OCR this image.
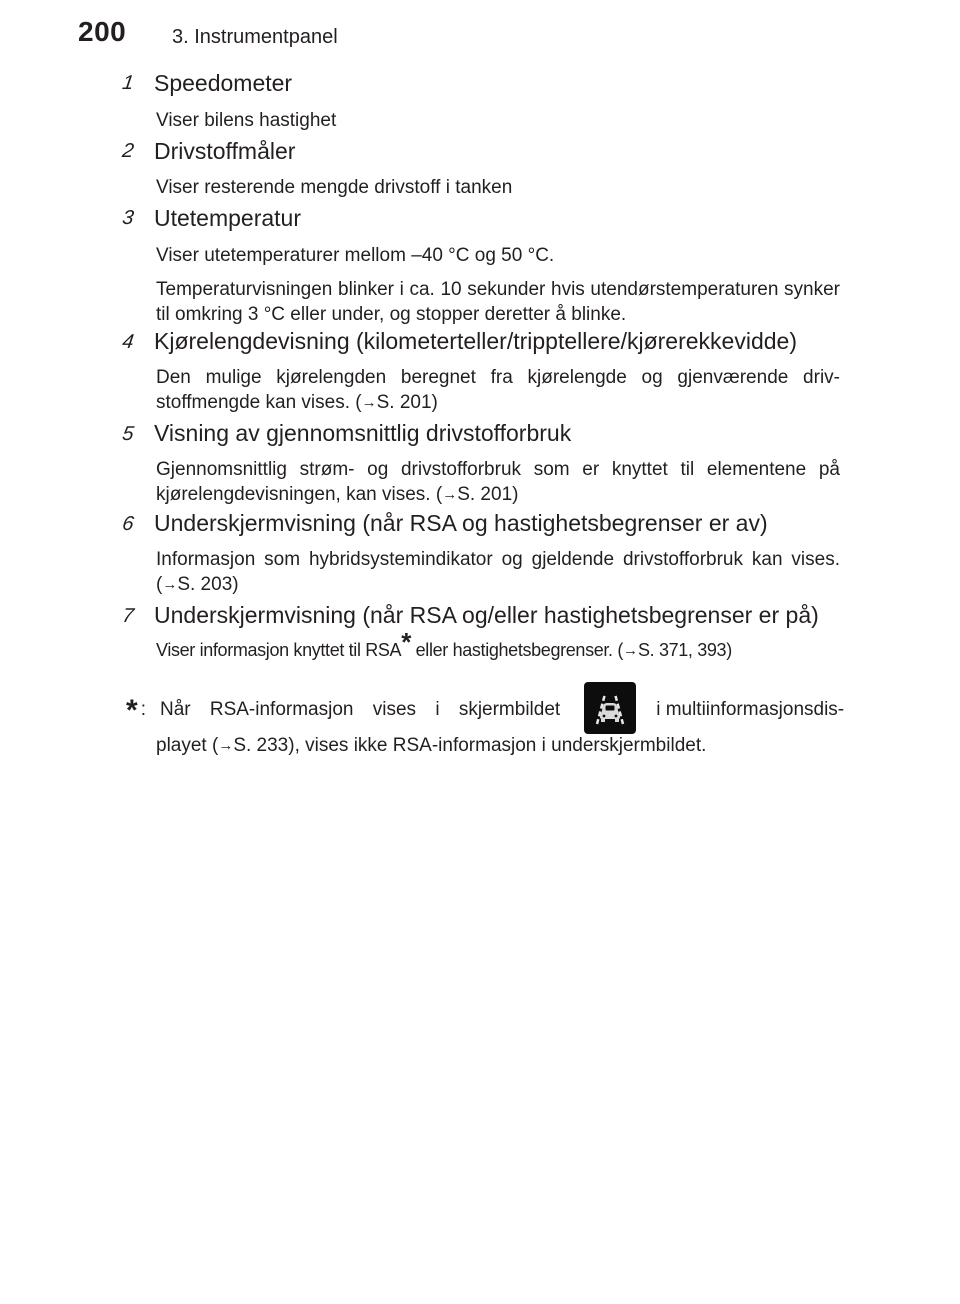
200 3. Instrumentpanel
1 Speedometer

Viser bilens hastighet

2 Drivstoffmåler

Viser resterende mengde drivstoff i tanken

3 Utetemperatur

Viser utetemperaturer mellom –40 °C og 50 °C.

Temperaturvisningen blinker i ca. 10 sekunder hvis utendørstemperaturen synker til omkring 3 °C eller under, og stopper deretter å blinke.

4 Kjørelengdevisning (kilometerteller/tripptellere/kjørerekkevidde)

Den mulige kjørelengden beregnet fra kjørelengde og gjenværende driv- stoffmengde kan vises. (→S. 201)

5 Visning av gjennomsnittlig drivstofforbruk

Gjennomsnittlig strøm- og drivstofforbruk som er knyttet til elementene på kjørelengdevisningen, kan vises. (→S. 201)

6 Underskjermvisning (når RSA og hastighetsbegrenser er av)

Informasjon som hybridsystemindikator og gjeldende drivstofforbruk kan vises. (→S. 203)

7 Underskjermvisning (når RSA og/eller hastighetsbegrenser er på)

Viser informasjon knyttet til RSA* eller hastighetsbegrenser. (→S. 371, 393)

* : Når RSA-informasjon vises i skjermbildet	i multiinformasjonsdis-
playet (→S. 233), vises ikke RSA-informasjon i underskjermbildet.
